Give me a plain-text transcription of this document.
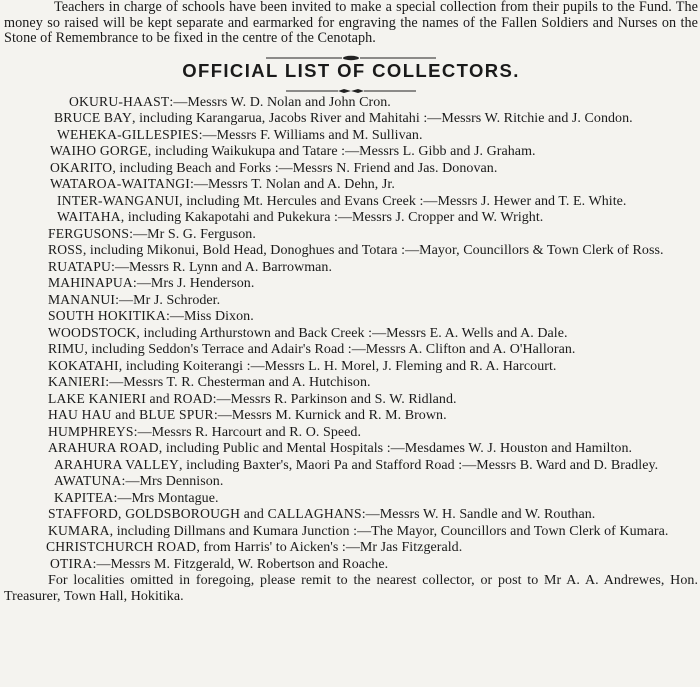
Teachers in charge of schools have been invited to make a special collection from their pupils to the Fund. The money so raised will be kept separate and earmarked for engraving the names of the Fallen Soldiers and Nurses on the Stone of Remembrance to be fixed in the centre of the Cenotaph.

OFFICIAL LIST OF COLLECTORS.

OKURU-HAAST:—Messrs W. D. Nolan and John Cron.

BRUCE BAY, including Karangarua, Jacobs River and Mahitahi :—Messrs W. Ritchie and J. Condon.

WEHEKA-GILLESPIES:—Messrs F. Williams and M. Sullivan.

WAIHO GORGE, including Waikukupa and Tatare :—Messrs L. Gibb and J. Graham.

OKARITO, including Beach and Forks :—Messrs N. Friend and Jas. Donovan.

WATAROA-WAITANGI:—Messrs T. Nolan and A. Dehn, Jr.

INTER-WANGANUI, including Mt. Hercules and Evans Creek :—Messrs J. Hewer and T. E. White.

WAITAHA, including Kakapotahi and Pukekura :—Messrs J. Cropper and W. Wright.

FERGUSONS:—Mr S. G. Ferguson.

ROSS, including Mikonui, Bold Head, Donoghues and Totara :—Mayor, Councillors & Town Clerk of Ross.

RUATAPU:—Messrs R. Lynn and A. Barrowman.

MAHINAPUA:—Mrs J. Henderson.

MANANUI:—Mr J. Schroder.

SOUTH HOKITIKA:—Miss Dixon.

WOODSTOCK, including Arthurstown and Back Creek :—Messrs E. A. Wells and A. Dale.

RIMU, including Seddon's Terrace and Adair's Road :—Messrs A. Clifton and A. O'Halloran.

KOKATAHI, including Koiterangi :—Messrs L. H. Morel, J. Fleming and R. A. Harcourt.

KANIERI:—Messrs T. R. Chesterman and A. Hutchison.

LAKE KANIERI and ROAD:—Messrs R. Parkinson and S. W. Ridland.

HAU HAU and BLUE SPUR:—Messrs M. Kurnick and R. M. Brown.

HUMPHREYS:—Messrs R. Harcourt and R. O. Speed.

ARAHURA ROAD, including Public and Mental Hospitals :—Mesdames W. J. Houston and Hamilton.

ARAHURA VALLEY, including Baxter's, Maori Pa and Stafford Road :—Messrs B. Ward and D. Bradley.

AWATUNA:—Mrs Dennison.

KAPITEA:—Mrs Montague.

STAFFORD, GOLDSBOROUGH and CALLAGHANS:—Messrs W. H. Sandle and W. Routhan.

KUMARA, including Dillmans and Kumara Junction :—The Mayor, Councillors and Town Clerk of Kumara.

CHRISTCHURCH ROAD, from Harris' to Aicken's :—Mr Jas Fitzgerald.

OTIRA:—Messrs M. Fitzgerald, W. Robertson and Roache.

For localities omitted in foregoing, please remit to the nearest collector, or post to Mr A. A. Andrewes, Hon. Treasurer, Town Hall, Hokitika.
